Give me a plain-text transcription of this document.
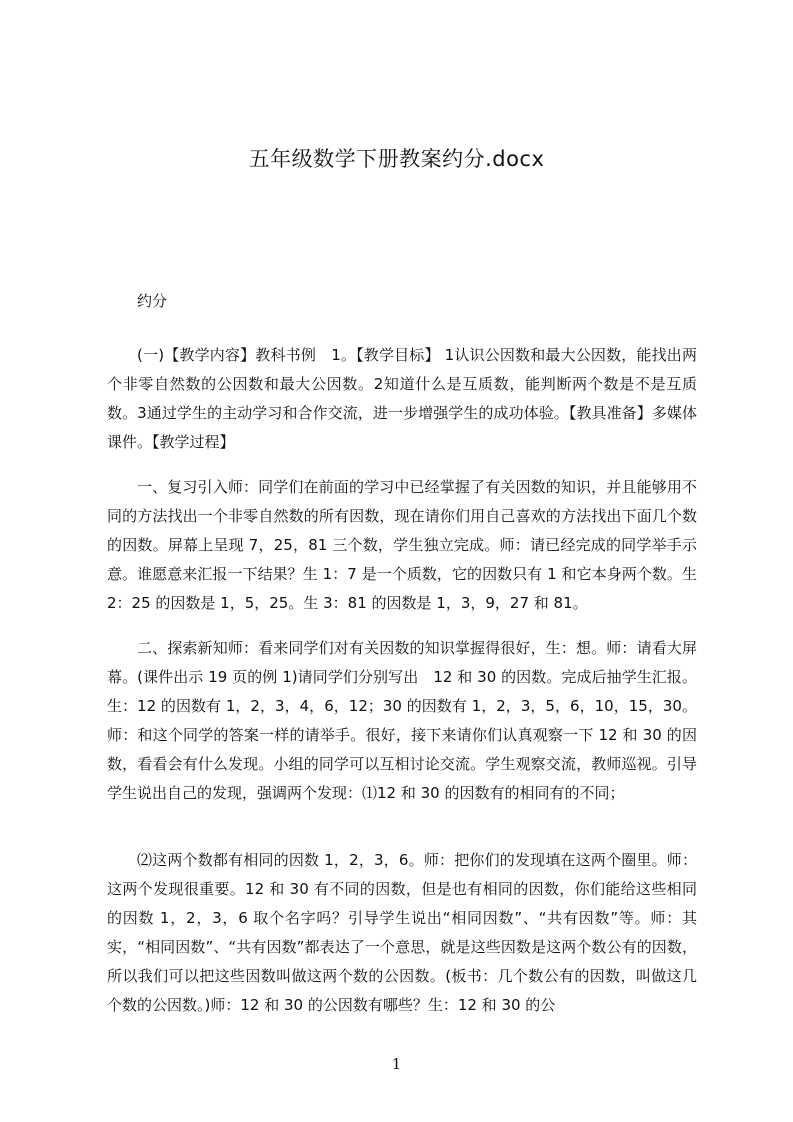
五年级数学下册教案约分.docx
约分

(一)【教学内容】教科书例　1。【教学目标】 1认识公因数和最大公因数，能找出两个非零自然数的公因数和最大公因数。2知道什么是互质数，能判断两个数是不是互质数。3通过学生的主动学习和合作交流，进一步增强学生的成功体验。【教具准备】多媒体课件。【教学过程】

一、复习引入师：同学们在前面的学习中已经掌握了有关因数的知识，并且能够用不同的方法找出一个非零自然数的所有因数，现在请你们用自己喜欢的方法找出下面几个数的因数。屏幕上呈现 7，25，81 三个数，学生独立完成。师：请已经完成的同学举手示意。谁愿意来汇报一下结果？生 1：7 是一个质数，它的因数只有 1 和它本身两个数。生 2：25 的因数是 1，5，25。生 3：81 的因数是 1，3，9，27 和 81。

二、探索新知师：看来同学们对有关因数的知识掌握得很好，生：想。师：请看大屏幕。(课件出示 19 页的例 1)请同学们分别写出　12 和 30 的因数。完成后抽学生汇报。生：12 的因数有 1，2，3，4，6，12；30 的因数有 1，2，3，5，6，10，15，30。师：和这个同学的答案一样的请举手。很好，接下来请你们认真观察一下 12 和 30 的因数，看看会有什么发现。小组的同学可以互相讨论交流。学生观察交流，教师巡视。引导学生说出自己的发现，强调两个发现：⑴12 和 30 的因数有的相同有的不同；

⑵这两个数都有相同的因数 1，2，3，6。师：把你们的发现填在这两个圈里。师：这两个发现很重要。12 和 30 有不同的因数，但是也有相同的因数，你们能给这些相同的因数 1，2，3，6 取个名字吗？引导学生说出“相同因数”、“共有因数”等。师：其实，“相同因数”、“共有因数”都表达了一个意思，就是这些因数是这两个数公有的因数，所以我们可以把这些因数叫做这两个数的公因数。(板书：几个数公有的因数，叫做这几个数的公因数。)师：12 和 30 的公因数有哪些？生：12 和 30 的公

1
